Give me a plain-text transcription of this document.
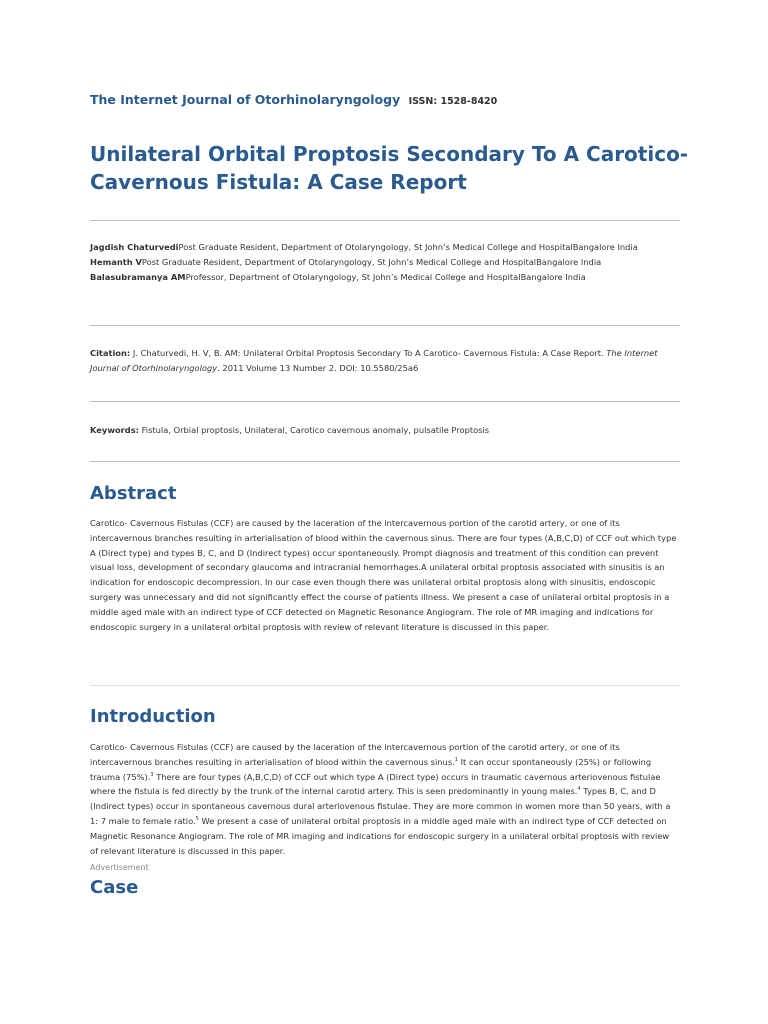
The Internet Journal of Otorhinolaryngology ISSN: 1528-8420
Unilateral Orbital Proptosis Secondary To A Carotico- Cavernous Fistula: A Case Report
Jagdish ChaturvediPost Graduate Resident, Department of Otolaryngology, St John’s Medical College and HospitalBangalore India
Hemanth VPost Graduate Resident, Department of Otolaryngology, St John’s Medical College and HospitalBangalore India
Balasubramanya AMProfessor, Department of Otolaryngology, St John’s Medical College and HospitalBangalore India
Citation: J. Chaturvedi, H. V, B. AM: Unilateral Orbital Proptosis Secondary To A Carotico- Cavernous Fistula: A Case Report. The Internet Journal of Otorhinolaryngology. 2011 Volume 13 Number 2. DOI: 10.5580/25a6
Keywords: Fistula, Orbial proptosis, Unilateral, Carotico cavernous anomaly, pulsatile Proptosis
Abstract
Carotico- Cavernous Fistulas (CCF) are caused by the laceration of the intercavernous portion of the carotid artery, or one of its intercavernous branches resulting in arterialisation of blood within the cavernous sinus. There are four types (A,B,C,D) of CCF out which type A (Direct type) and types B, C, and D (Indirect types) occur spontaneously. Prompt diagnosis and treatment of this condition can prevent visual loss, development of secondary glaucoma and intracranial hemorrhages.A unilateral orbital proptosis associated with sinusitis is an indication for endoscopic decompression. In our case even though there was unilateral orbital proptosis along with sinusitis, endoscopic surgery was unnecessary and did not significantly effect the course of patients illness. We present a case of unilateral orbital proptosis in a middle aged male with an indirect type of CCF detected on Magnetic Resonance Angiogram. The role of MR imaging and indications for endoscopic surgery in a unilateral orbital proptosis with review of relevant literature is discussed in this paper.
Introduction
Carotico- Cavernous Fistulas (CCF) are caused by the laceration of the intercavernous portion of the carotid artery, or one of its intercavernous branches resulting in arterialisation of blood within the cavernous sinus.$^1$ It can occur spontaneously (25%) or following trauma (75%).$^3$ There are four types (A,B,C,D) of CCF out which type A (Direct type) occurs in traumatic cavernous arteriovenous fistulae where the fistula is fed directly by the trunk of the internal carotid artery. This is seen predominantly in young males.$^4$ Types B, C, and D (Indirect types) occur in spontaneous cavernous dural arteriovenous fistulae. They are more common in women more than 50 years, with a 1: 7 male to female ratio.$^5$ We present a case of unilateral orbital proptosis in a middle aged male with an indirect type of CCF detected on Magnetic Resonance Angiogram. The role of MR imaging and indications for endoscopic surgery in a unilateral orbital proptosis with review of relevant literature is discussed in this paper.
Advertisement
Case
